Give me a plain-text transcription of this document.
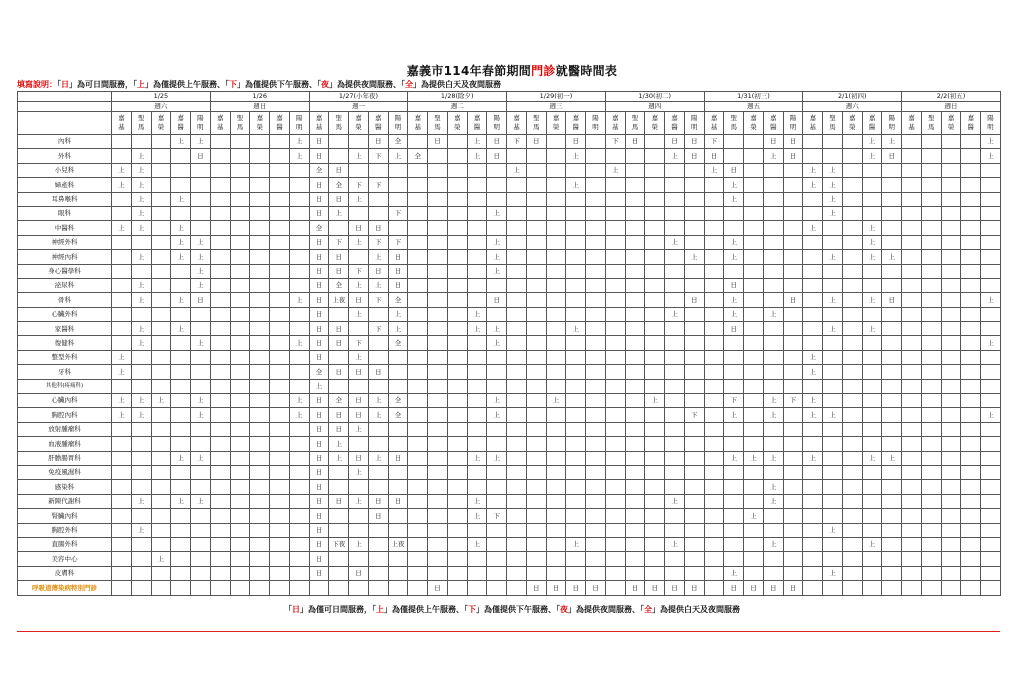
嘉義市114年春節期間門診就醫時間表
填寫說明：「日」為可日間服務，「上」為僅提供上午服務、「下」為僅提供下午服務、「夜」為提供夜間服務、「全」為提供白天及夜間服務
	1/25					1/26					1/27(小年夜)					1/28(除夕)					1/29(初一)					1/30(初二)					1/31(初三)					2/1(初四)					2/2(初五)				
	週六					週日					週一					週二					週三					週四					週五					週六					週日				

	嘉基	聖馬	嘉榮	嘉醫	陽明	嘉基	聖馬	嘉榮	嘉醫	陽明	嘉基	聖馬	嘉榮	嘉醫	陽明	嘉基	聖馬	嘉榮	嘉醫	陽明	嘉基	聖馬	嘉榮	嘉醫	陽明	嘉基	聖馬	嘉榮	嘉醫	陽明	嘉基	聖馬	嘉榮	嘉醫	陽明	嘉基	聖馬	嘉榮	嘉醫	陽明	嘉基	聖馬	嘉榮	嘉醫	陽明

內科				上	上					上	日			日	全		日		上	日	下	日		日		下	日		日	日	下			日	日				上	上					上
外科		上			日					上	日		上	下	上	全			上	日				上					上	日	日			上	日				上	日					上
小兒科	上	上									全	日									上					上					上	日				上	上								
婦產科	上	上									日	全	下	下										上								上				上	上								
耳鼻喉科		上		上							日	日	上																			上					上								
眼科		上									日	上			下					上																	上								
中醫科	上	上		上							全		日	日																						上			上						
神經外科				上	上						日	下	上	下	下					上									上			上							上						
神經內科		上		上	上						日	日		上	日					上										上		上					上		上	上					
身心醫學科					上						日	日	下	日	日					上																									
泌尿科		上			上						日	全	上	上	日																	日													
骨科		上		上	日					上	日	上夜	日	下	全					日										日		上			日		上		上	日					上
心臟外科											日		上		上				上										上			上		上											
家醫科		上		上							日	日		下	上				上	上				上								日					上		上						
復健科		上			上					上	日	日	下		全					上																									上
整型外科	上										日		上																							上									
牙科	上										全	日	日	日																						上									
其他科(疼痛科)											上																																		
心臟內科	上	上	上		上					上	日	全	日	上	全					上			上					上				下		上	下	上									
胸腔內科	上	上			上					上	日	日	日	上	全					上										下		上		上		上	上								上
放射腫瘤科											日	日	上																																
血液腫瘤科											日	上																																	
肝膽腸胃科				上	上						日	上	日	上	日				上	上												上	上	上		上			上	上					
免疫風濕科											日		上																																
感染科											日																							上											
新陳代謝科		上		上	上						日	日	上	日	日				上										上					上											
腎臟內科											日			日					上	下													上												
胸腔外科		上									日																										上								
直腸外科											日	下夜	上		上夜				上					上					上					上					上						
美容中心			上								日																																		
皮膚科											日		日																			上					上								
呼吸道傳染病特別門診																	日					日	日	日	日		日	日	日	日		日	日	日	日										
「日」為僅可日間服務，「上」為僅提供上午服務、「下」為僅提供下午服務、「夜」為提供夜間服務、「全」為提供白天及夜間服務
